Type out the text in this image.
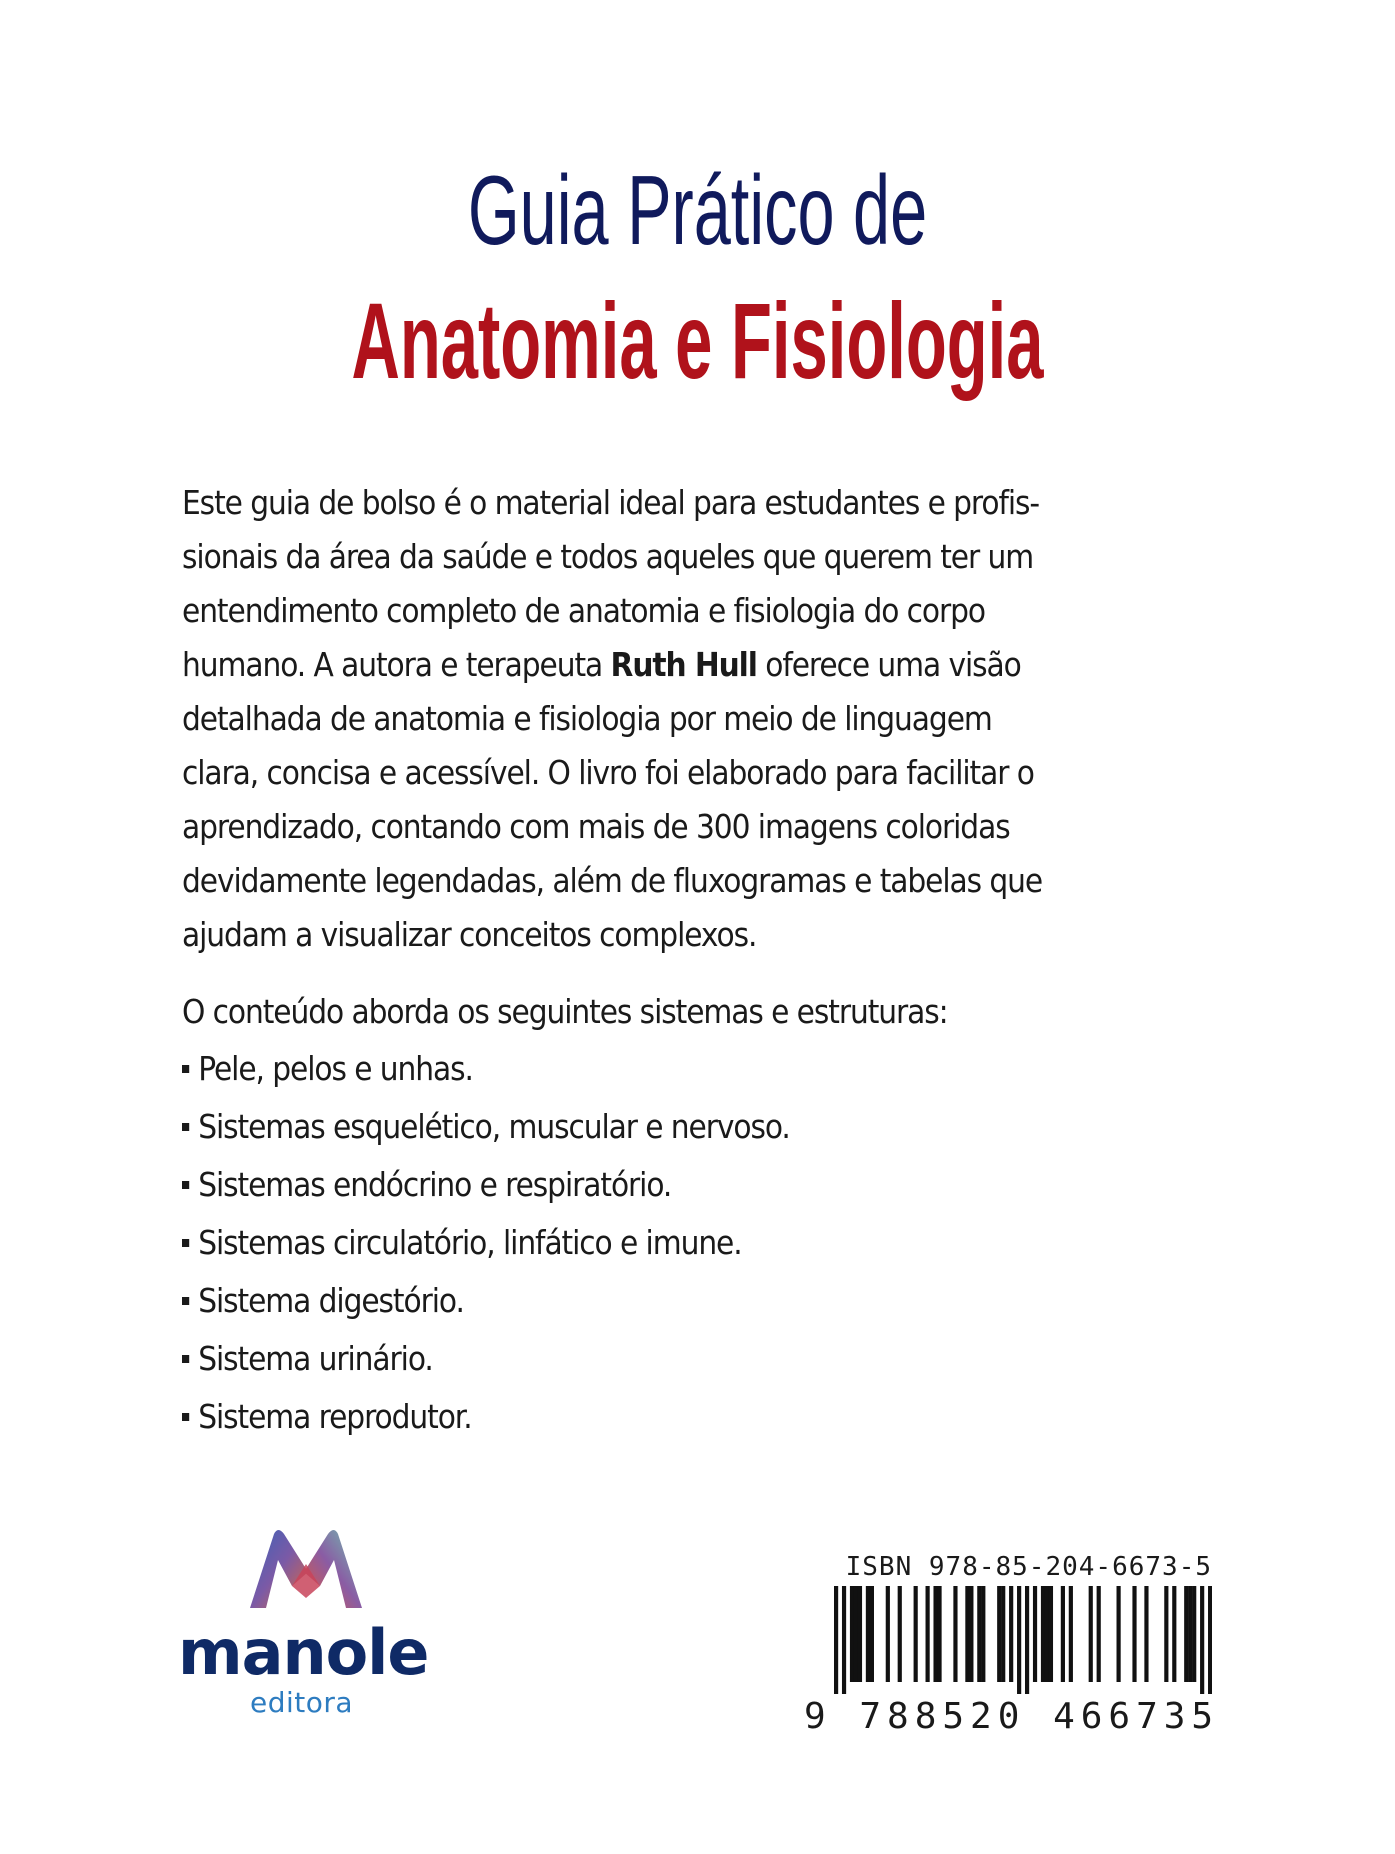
Guia Prático de
Anatomia e Fisiologia
Este guia de bolso é o material ideal para estudantes e profis-
sionais da área da saúde e todos aqueles que querem ter um
entendimento completo de anatomia e fisiologia do corpo
humano. A autora e terapeuta Ruth Hull oferece uma visão
detalhada de anatomia e fisiologia por meio de linguagem
clara, concisa e acessível. O livro foi elaborado para facilitar o
aprendizado, contando com mais de 300 imagens coloridas
devidamente legendadas, além de fluxogramas e tabelas que
ajudam a visualizar conceitos complexos.
O conteúdo aborda os seguintes sistemas e estruturas:
Pele, pelos e unhas.
Sistemas esquelético, muscular e nervoso.
Sistemas endócrino e respiratório.
Sistemas circulatório, linfático e imune.
Sistema digestório.
Sistema urinário.
Sistema reprodutor.
manole
editora
ISBN 978-85-204-6673-5
9 788520 466735
